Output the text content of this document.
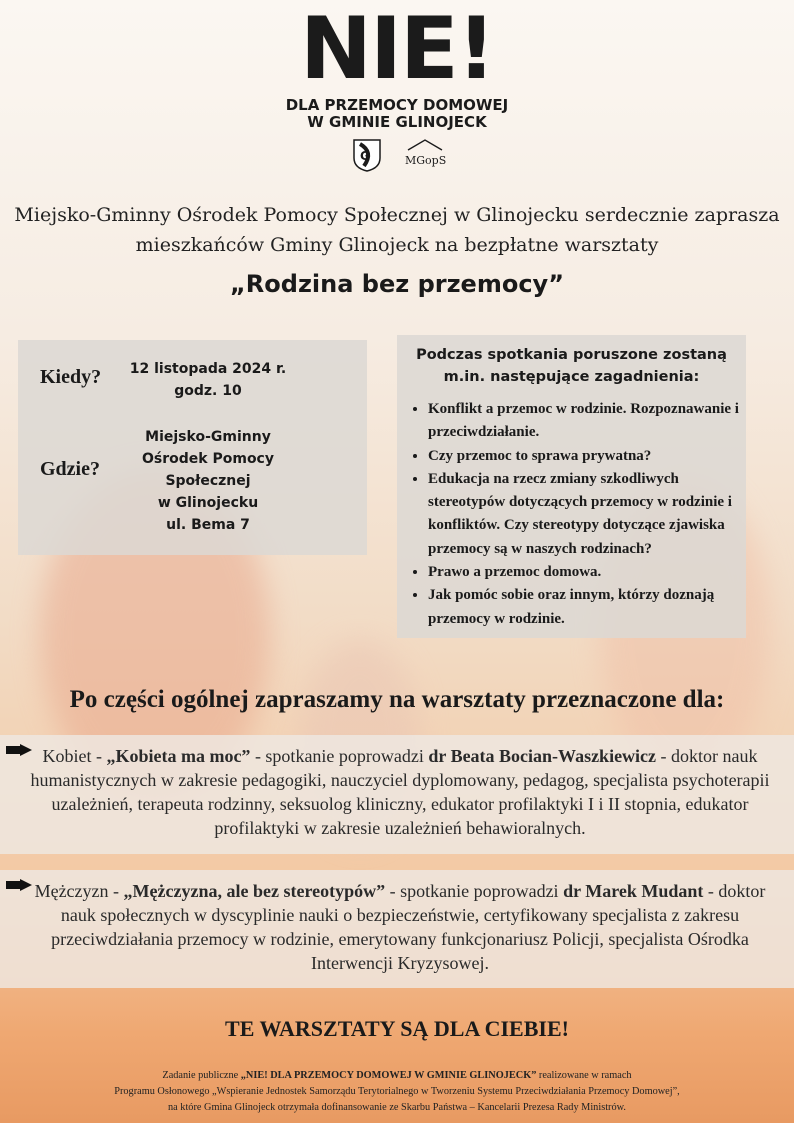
NIE!
DLA PRZEMOCY DOMOWEJ
W GMINIE GLINOJECK
G	MGopS
Miejsko-Gminny Ośrodek Pomocy Społecznej w Glinojecku serdecznie zaprasza
mieszkańców Gminy Glinojeck na bezpłatne warsztaty
„Rodzina bez przemocy”
Kiedy?	12 listopada 2024 r.
godz. 10
Gdzie?
Miejsko-Gminny
Ośrodek Pomocy
Społecznej
w Glinojecku
ul. Bema 7
Podczas spotkania poruszone zostaną
m.in. następujące zagadnienia:
• Konflikt a przemoc w rodzinie. Rozpoznawanie i przeciwdziałanie.
• Czy przemoc to sprawa prywatna?
• Edukacja na rzecz zmiany szkodliwych stereotypów dotyczących przemocy w rodzinie i konfliktów. Czy stereotypy dotyczące zjawiska przemocy są w naszych rodzinach?
• Prawo a przemoc domowa.
• Jak pomóc sobie oraz innym, którzy doznają przemocy w rodzinie.
Po części ogólnej zapraszamy na warsztaty przeznaczone dla:
Kobiet - „Kobieta ma moc” - spotkanie poprowadzi dr Beata Bocian-Waszkiewicz - doktor nauk humanistycznych w zakresie pedagogiki, nauczyciel dyplomowany, pedagog, specjalista psychoterapii uzależnień, terapeuta rodzinny, seksuolog kliniczny, edukator profilaktyki I i II stopnia, edukator profilaktyki w zakresie uzależnień behawioralnych.
Mężczyzn - „Mężczyzna, ale bez stereotypów” - spotkanie poprowadzi dr Marek Mudant - doktor nauk społecznych w dyscyplinie nauki o bezpieczeństwie, certyfikowany specjalista z zakresu przeciwdziałania przemocy w rodzinie, emerytowany funkcjonariusz Policji, specjalista Ośrodka Interwencji Kryzysowej.
TE WARSZTATY SĄ DLA CIEBIE!
Zadanie publiczne „NIE! DLA PRZEMOCY DOMOWEJ W GMINIE GLINOJECK” realizowane w ramach
Programu Osłonowego „Wspieranie Jednostek Samorządu Terytorialnego w Tworzeniu Systemu Przeciwdziałania Przemocy Domowej”,
na które Gmina Glinojeck otrzymała dofinansowanie ze Skarbu Państwa – Kancelarii Prezesa Rady Ministrów.
